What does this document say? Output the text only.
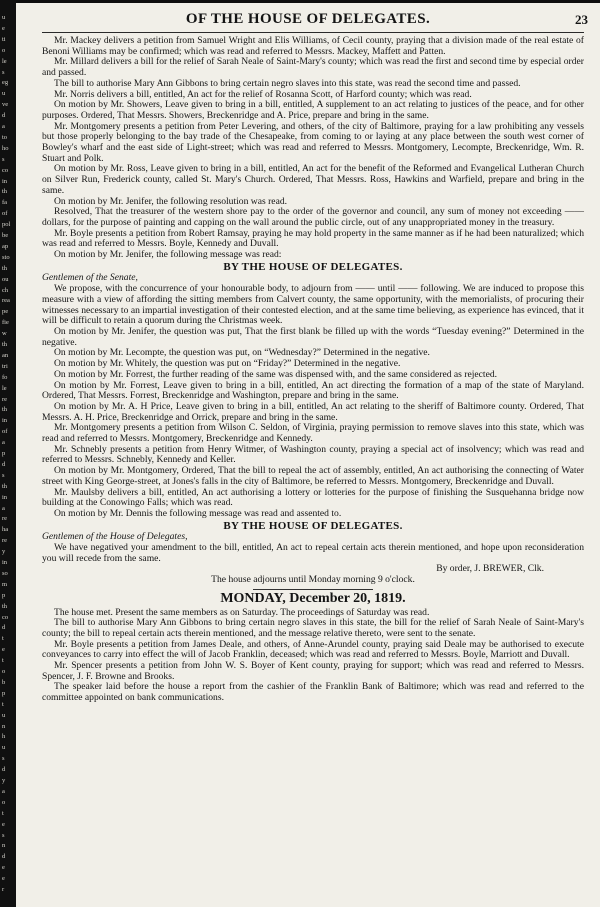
u
e
ti
o
le
s
eg
u
ve
d
a
to
ho
s
co
in
th
fa
of
pol
be
ap
sto
th
ou
ch
rea
pe
fie
w
th
an
tri
fo
le
re
th
in
of
a
p
d
s
th
in
a
re
ha
re
y
in
so
m
p
th
co
d
t
e
t
o
b
p
t
u
n
h
u
s
d
y
a
o
t
e
s
n
d
e
e
r
OF THE HOUSE OF DELEGATES.	23

Mr. Mackey delivers a petition from Samuel Wright and Elis Williams, of Cecil county, praying that a division made of the real estate of Benoni Williams may be confirmed; which was read and referred to Messrs. Mackey, Maffett and Patten.

Mr. Millard delivers a bill for the relief of Sarah Neale of Saint-Mary's county; which was read the first and second time by especial order and passed.

The bill to authorise Mary Ann Gibbons to bring certain negro slaves into this state, was read the second time and passed.

Mr. Norris delivers a bill, entitled, An act for the relief of Rosanna Scott, of Harford county; which was read.

On motion by Mr. Showers, Leave given to bring in a bill, entitled, A supplement to an act relating to justices of the peace, and for other purposes. Ordered, That Messrs. Showers, Breckenridge and A. Price, prepare and bring in the same.

Mr. Montgomery presents a petition from Peter Levering, and others, of the city of Baltimore, praying for a law prohibiting any vessels but those properly belonging to the bay trade of the Chesapeake, from coming to or laying at any place between the south west corner of Bowley's wharf and the east side of Light-street; which was read and referred to Messrs. Montgomery, Lecompte, Breckenridge, Wm. R. Stuart and Polk.

On motion by Mr. Ross, Leave given to bring in a bill, entitled, An act for the benefit of the Reformed and Evangelical Lutheran Church on Silver Run, Frederick county, called St. Mary's Church. Ordered, That Messrs. Ross, Hawkins and Warfield, prepare and bring in the same.

On motion by Mr. Jenifer, the following resolution was read.

Resolved, That the treasurer of the western shore pay to the order of the governor and council, any sum of money not exceeding —— dollars, for the purpose of painting and capping on the wall around the public circle, out of any unappropriated money in the treasury.

Mr. Boyle presents a petition from Robert Ramsay, praying he may hold property in the same manner as if he had been naturalized; which was read and referred to Messrs. Boyle, Kennedy and Duvall.

On motion by Mr. Jenifer, the following message was read:

BY THE HOUSE OF DELEGATES.

Gentlemen of the Senate,

We propose, with the concurrence of your honourable body, to adjourn from —— until —— following. We are induced to propose this measure with a view of affording the sitting members from Calvert county, the same opportunity, with the memorialists, of procuring their witnesses necessary to an impartial investigation of their contested election, and at the same time believing, as experience has evinced, that it will be difficult to retain a quorum during the Christmas week.

On motion by Mr. Jenifer, the question was put, That the first blank be filled up with the words “Tuesday evening?” Determined in the negative.

On motion by Mr. Lecompte, the question was put, on “Wednesday?” Determined in the negative.

On motion by Mr. Whitely, the question was put on “Friday?” Determined in the negative.

On motion by Mr. Forrest, the further reading of the same was dispensed with, and the same considered as rejected.

On motion by Mr. Forrest, Leave given to bring in a bill, entitled, An act directing the formation of a map of the state of Maryland. Ordered, That Messrs. Forrest, Breckenridge and Washington, prepare and bring in the same.

On motion by Mr. A. H Price, Leave given to bring in a bill, entitled, An act relating to the sheriff of Baltimore county. Ordered, That Messrs. A. H. Price, Breckenridge and Orrick, prepare and bring in the same.

Mr. Montgomery presents a petition from Wilson C. Seldon, of Virginia, praying permission to remove slaves into this state, which was read and referred to Messrs. Montgomery, Breckenridge and Kennedy.

Mr. Schnebly presents a petition from Henry Witmer, of Washington county, praying a special act of insolvency; which was read and referred to Messrs. Schnebly, Kennedy and Keller.

On motion by Mr. Montgomery, Ordered, That the bill to repeal the act of assembly, entitled, An act authorising the connecting of Water street with King George-street, at Jones's falls in the city of Baltimore, be referred to Messrs. Montgomery, Breckenridge and Duvall.

Mr. Maulsby delivers a bill, entitled, An act authorising a lottery or lotteries for the purpose of finishing the Susquehanna bridge now building at the Conowingo Falls; which was read.

On motion by Mr. Dennis the following message was read and assented to.

BY THE HOUSE OF DELEGATES.

Gentlemen of the House of Delegates,

We have negatived your amendment to the bill, entitled, An act to repeal certain acts therein mentioned, and hope upon reconsideration you will recede from the same.

By order, J. BREWER, Clk.

The house adjourns until Monday morning 9 o'clock.

MONDAY, December 20, 1819.

The house met. Present the same members as on Saturday. The proceedings of Saturday was read.

The bill to authorise Mary Ann Gibbons to bring certain negro slaves in this state, the bill for the relief of Sarah Neale of Saint-Mary's county; the bill to repeal certain acts therein mentioned, and the message relative thereto, were sent to the senate.

Mr. Boyle presents a petition from James Deale, and others, of Anne-Arundel county, praying said Deale may be authorised to execute conveyances to carry into effect the will of Jacob Franklin, deceased; which was read and referred to Messrs. Boyle, Marriott and Duvall.

Mr. Spencer presents a petition from John W. S. Boyer of Kent county, praying for support; which was read and referred to Messrs. Spencer, J. F. Browne and Brooks.

The speaker laid before the house a report from the cashier of the Franklin Bank of Baltimore; which was read and referred to the committee appointed on bank communications.
